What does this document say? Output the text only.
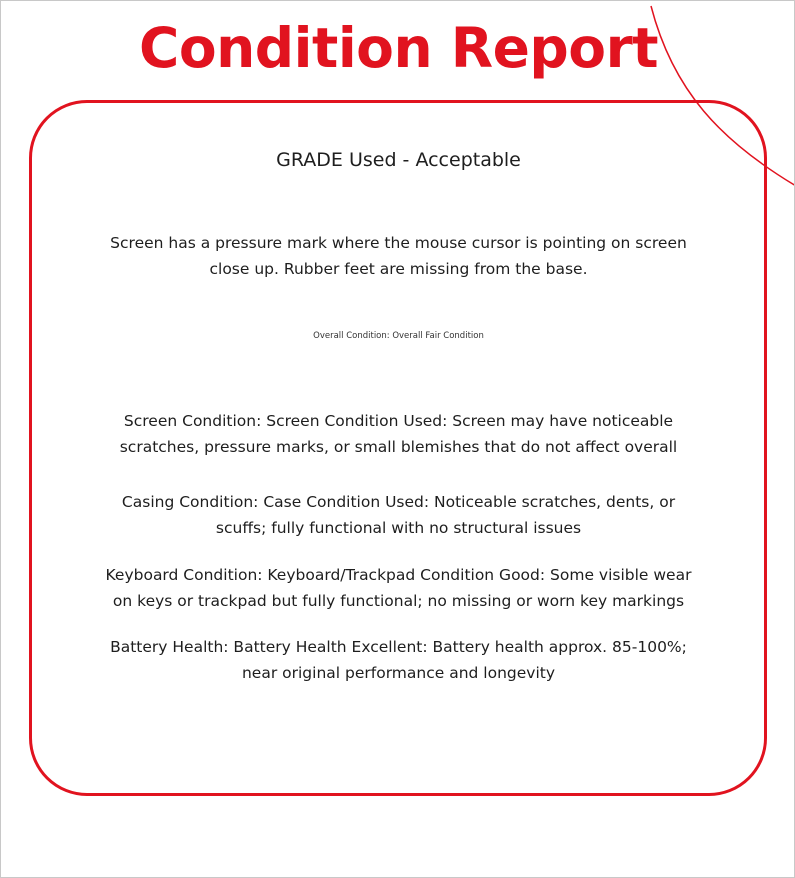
Condition Report
GRADE Used - Acceptable
Screen has a pressure mark where the mouse cursor is pointing on screen
close up. Rubber feet are missing from the base.
Overall Condition: Overall Fair Condition
Screen Condition: Screen Condition Used: Screen may have noticeable
scratches, pressure marks, or small blemishes that do not affect overall
Casing Condition: Case Condition Used: Noticeable scratches, dents, or
scuffs; fully functional with no structural issues
Keyboard Condition: Keyboard/Trackpad Condition Good: Some visible wear
on keys or trackpad but fully functional; no missing or worn key markings
Battery Health: Battery Health Excellent: Battery health approx. 85-100%;
near original performance and longevity
